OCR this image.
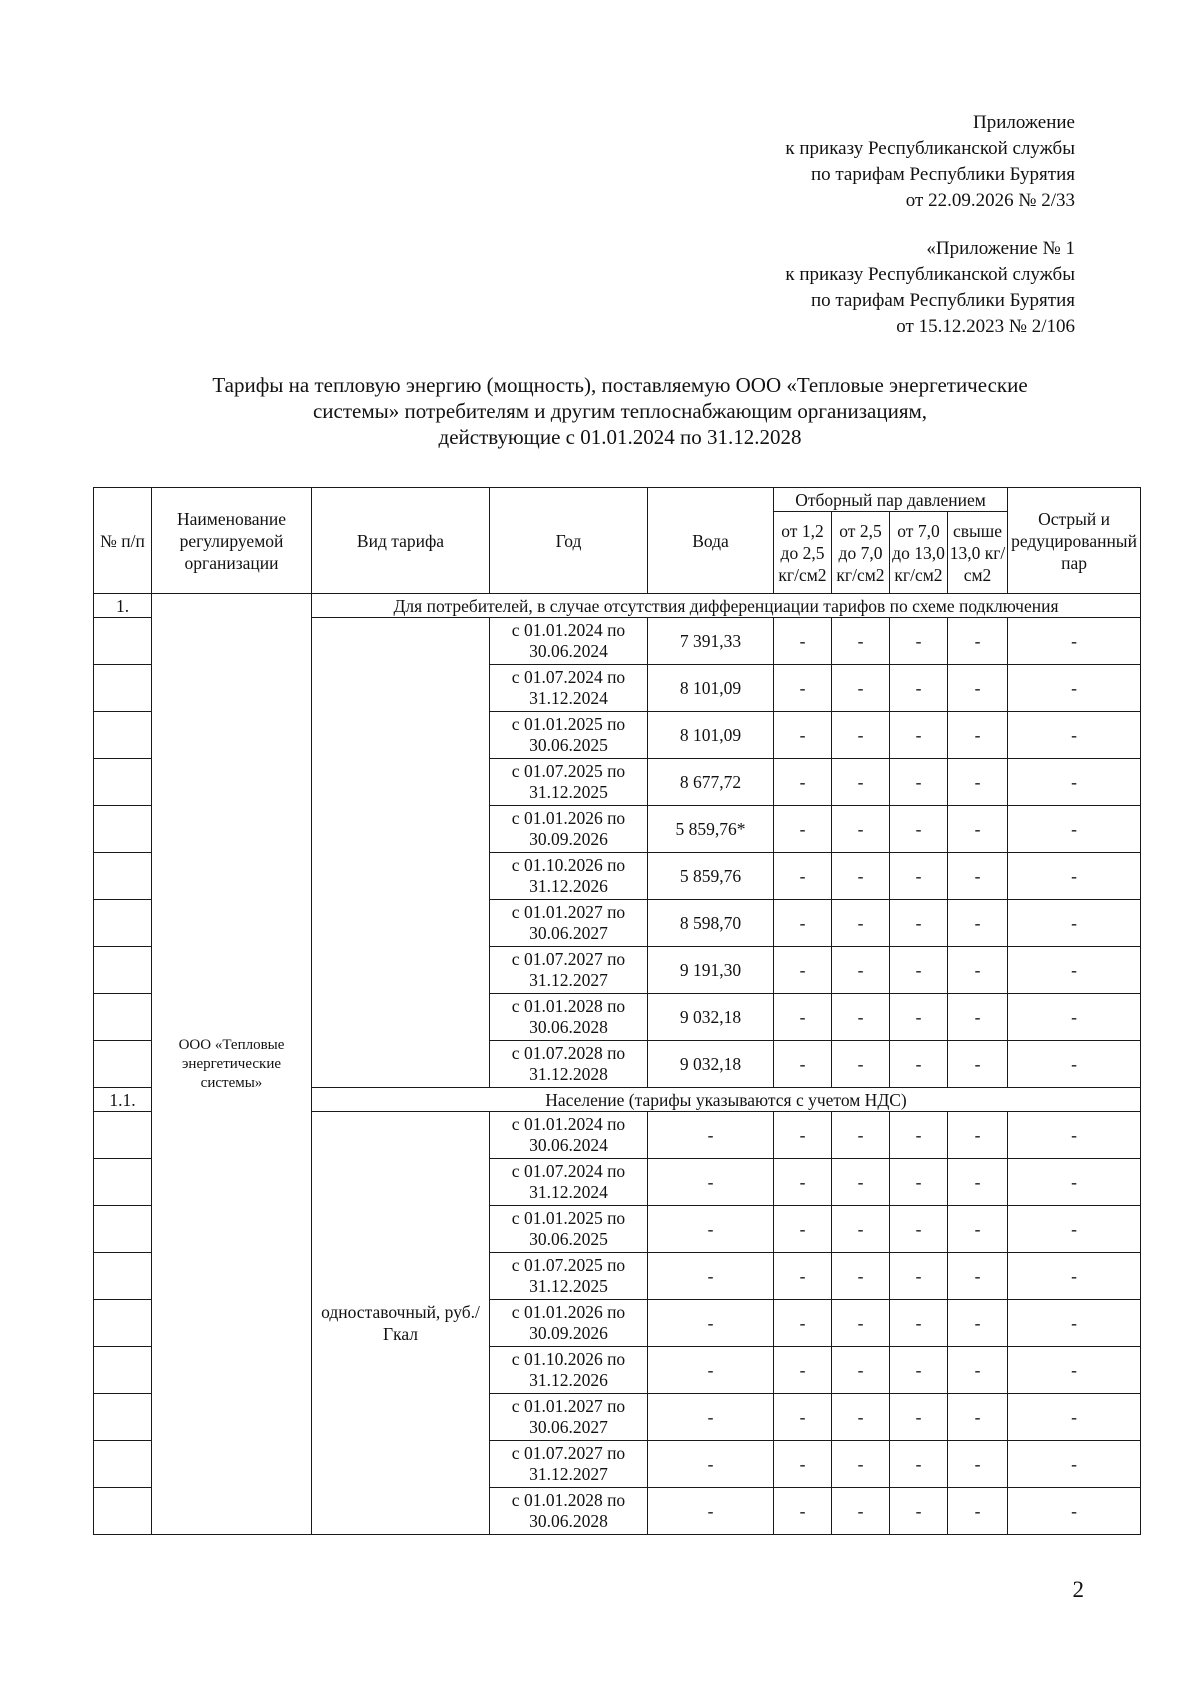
Приложение
к приказу Республиканской службы
по тарифам Республики Бурятия
от 22.09.2026 № 2/33
«Приложение № 1
к приказу Республиканской службы
по тарифам Республики Бурятия
от 15.12.2023 № 2/106
Тарифы на тепловую энергию (мощность), поставляемую ООО «Тепловые энергетические
системы» потребителям и другим теплоснабжающим организациям,
действующие с 01.01.2024 по 31.12.2028
№ п/п	Наименование регулируемой организации	Вид тарифа	Год	Вода	Отборный пар давлением				Острый и редуцированный пар
					от 1,2 до 2,5 кг/см2	от 2,5 до 7,0 кг/см2	от 7,0 до 13,0 кг/см2	свыше 13,0 кг/см2	
1.	ООО «Тепловые энергетические системы»	Для потребителей, в случае отсутствия дифференциации тарифов по схеме подключения							
			с 01.01.2024 по 30.06.2024	7 391,33	-	-	-	-	-
			с 01.07.2024 по 31.12.2024	8 101,09	-	-	-	-	-
			с 01.01.2025 по 30.06.2025	8 101,09	-	-	-	-	-
			с 01.07.2025 по 31.12.2025	8 677,72	-	-	-	-	-
			с 01.01.2026 по 30.09.2026	5 859,76*	-	-	-	-	-
			с 01.10.2026 по 31.12.2026	5 859,76	-	-	-	-	-
			с 01.01.2027 по 30.06.2027	8 598,70	-	-	-	-	-
			с 01.07.2027 по 31.12.2027	9 191,30	-	-	-	-	-
			с 01.01.2028 по 30.06.2028	9 032,18	-	-	-	-	-
			с 01.07.2028 по 31.12.2028	9 032,18	-	-	-	-	-
1.1.		Население (тарифы указываются с учетом НДС)							
		одноставочный, руб./Гкал	с 01.01.2024 по 30.06.2024	-	-	-	-	-	-
			с 01.07.2024 по 31.12.2024	-	-	-	-	-	-
			с 01.01.2025 по 30.06.2025	-	-	-	-	-	-
			с 01.07.2025 по 31.12.2025	-	-	-	-	-	-
			с 01.01.2026 по 30.09.2026	-	-	-	-	-	-
			с 01.10.2026 по 31.12.2026	-	-	-	-	-	-
			с 01.01.2027 по 30.06.2027	-	-	-	-	-	-
			с 01.07.2027 по 31.12.2027	-	-	-	-	-	-
			с 01.01.2028 по 30.06.2028	-	-	-	-	-	-
2
